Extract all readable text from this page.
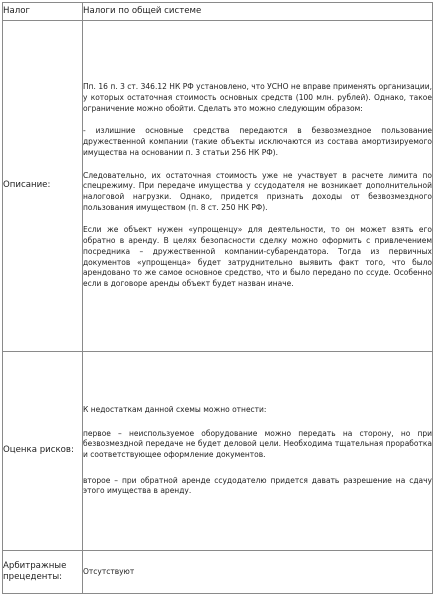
Налог	Налоги по общей системе
Описание:	Пп. 16 п. 3 ст. 346.12 НК РФ установлено, что УСНО не вправе применять организации, у которых остаточная стоимость основных средств (100 млн. рублей). Однако, такое ограничение можно обойти. Сделать это можно следующим образом:

- излишние основные средства передаются в безвозмездное пользование дружественной компании (такие объекты исключаются из состава амортизируемого имущества на основании п. 3 статьи 256 НК РФ).

Следовательно, их остаточная стоимость уже не участвует в расчете лимита по спецрежиму. При передаче имущества у ссудодателя не возникает дополнительной налоговой нагрузки. Однако, придется признать доходы от безвозмездного пользования имуществом (п. 8 ст. 250 НК РФ).

Если же объект нужен «упрощенцу» для деятельности, то он может взять его обратно в аренду. В целях безопасности сделку можно оформить с привлечением посредника – дружественной компании-субарендатора. Тогда из первичных документов «упрощенца» будет затруднительно выявить факт того, что было арендовано то же самое основное средство, что и было передано по ссуде. Особенно если в договоре аренды объект будет назван иначе.

Оценка рисков:	К недостаткам данной схемы можно отнести:

первое – неиспользуемое оборудование можно передать на сторону, но при безвозмездной передаче не будет деловой цели. Необходима тщательная проработка и соответствующее оформление документов.

второе – при обратной аренде ссудодателю придется давать разрешение на сдачу этого имущества в аренду.

Арбитражные прецеденты:	Отсутствуют
